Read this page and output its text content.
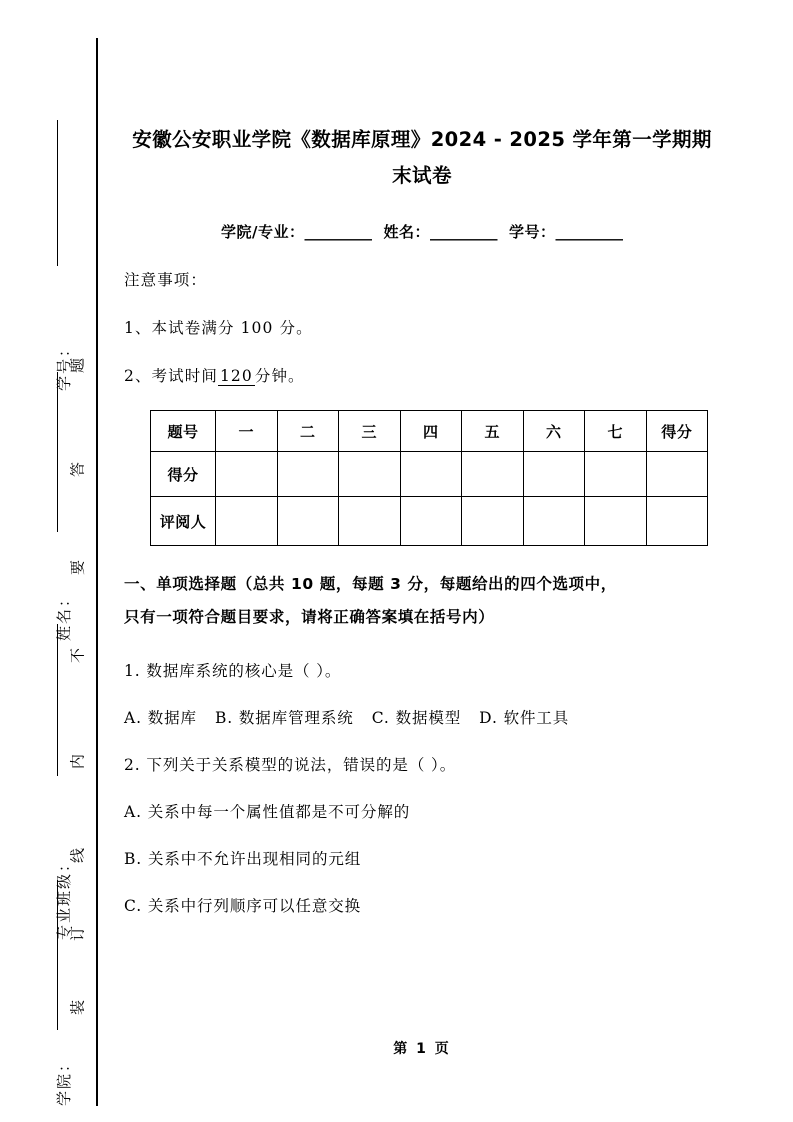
学号：
姓名：
专业班级：
学院：
题
答
要
不
内
线
订
装
安徽公安职业学院《数据库原理》2024 - 2025 学年第一学期期末试卷
学院/专业：_________ 姓名：_________ 学号：_________
注意事项：
1、本试卷满分 100 分。
2、考试时间 120 分钟。
题号	一	二	三	四	五	六	七	得分
得分								
评阅人								
一、单项选择题（总共 10 题，每题 3 分，每题给出的四个选项中，
只有一项符合题目要求，请将正确答案填在括号内）
1. 数据库系统的核心是（ ）。
A. 数据库 B. 数据库管理系统 C. 数据模型 D. 软件工具
2. 下列关于关系模型的说法，错误的是（ ）。
A. 关系中每一个属性值都是不可分解的
B. 关系中不允许出现相同的元组
C. 关系中行列顺序可以任意交换
第 1 页
